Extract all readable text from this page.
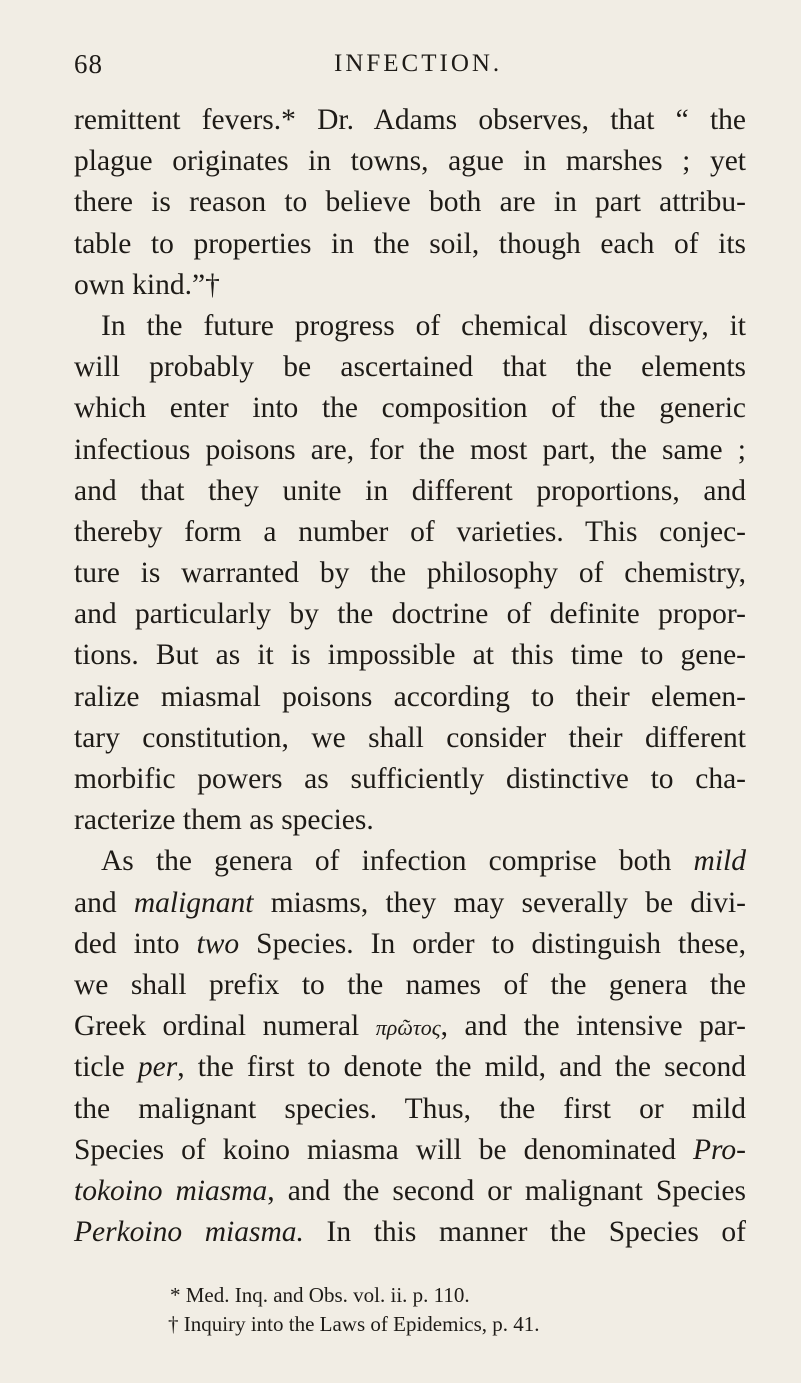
68	INFECTION.
remittent fevers.* Dr. Adams observes, that “ the
plague originates in towns, ague in marshes ; yet
there is reason to believe both are in part attribu-
table to properties in the soil, though each of its
own kind.”†
In the future progress of chemical discovery, it
will probably be ascertained that the elements
which enter into the composition of the generic
infectious poisons are, for the most part, the same ;
and that they unite in different proportions, and
thereby form a number of varieties. This conjec-
ture is warranted by the philosophy of chemistry,
and particularly by the doctrine of definite propor-
tions. But as it is impossible at this time to gene-
ralize miasmal poisons according to their elemen-
tary constitution, we shall consider their different
morbific powers as sufficiently distinctive to cha-
racterize them as species.
As the genera of infection comprise both mild
and malignant miasms, they may severally be divi-
ded into two Species. In order to distinguish these,
we shall prefix to the names of the genera the
Greek ordinal numeral πρῶτος, and the intensive par-
ticle per, the first to denote the mild, and the second
the malignant species. Thus, the first or mild
Species of koino miasma will be denominated Pro-
tokoino miasma, and the second or malignant Species
Perkoino miasma. In this manner the Species of
* Med. Inq. and Obs. vol. ii. p. 110.
† Inquiry into the Laws of Epidemics, p. 41.
